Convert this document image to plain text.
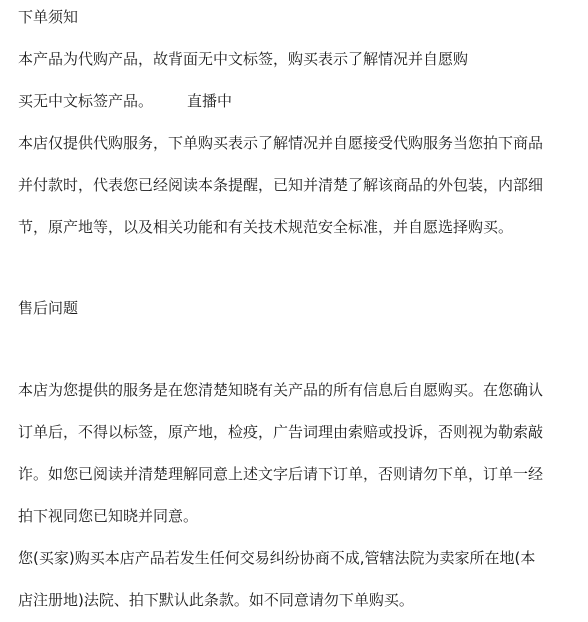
下单须知
本产品为代购产品，故背面无中文标签，购买表示了解情况并自愿购
买无中文标签产品。 直播中
本店仅提供代购服务，下单购买表示了解情况并自愿接受代购服务当您拍下商品
并付款时，代表您已经阅读本条提醒，已知并清楚了解该商品的外包装，内部细
节，原产地等，以及相关功能和有关技术规范安全标准，并自愿选择购买。
售后问题
本店为您提供的服务是在您清楚知晓有关产品的所有信息后自愿购买。在您确认
订单后，不得以标签，原产地，检疫，广告词理由索赔或投诉，否则视为勒索敲
诈。如您已阅读并清楚理解同意上述文字后请下订单，否则请勿下单，订单一经
拍下视同您已知晓并同意。
您(买家)购买本店产品若发生任何交易纠纷协商不成,管辖法院为卖家所在地(本
店注册地)法院、拍下默认此条款。如不同意请勿下单购买。
